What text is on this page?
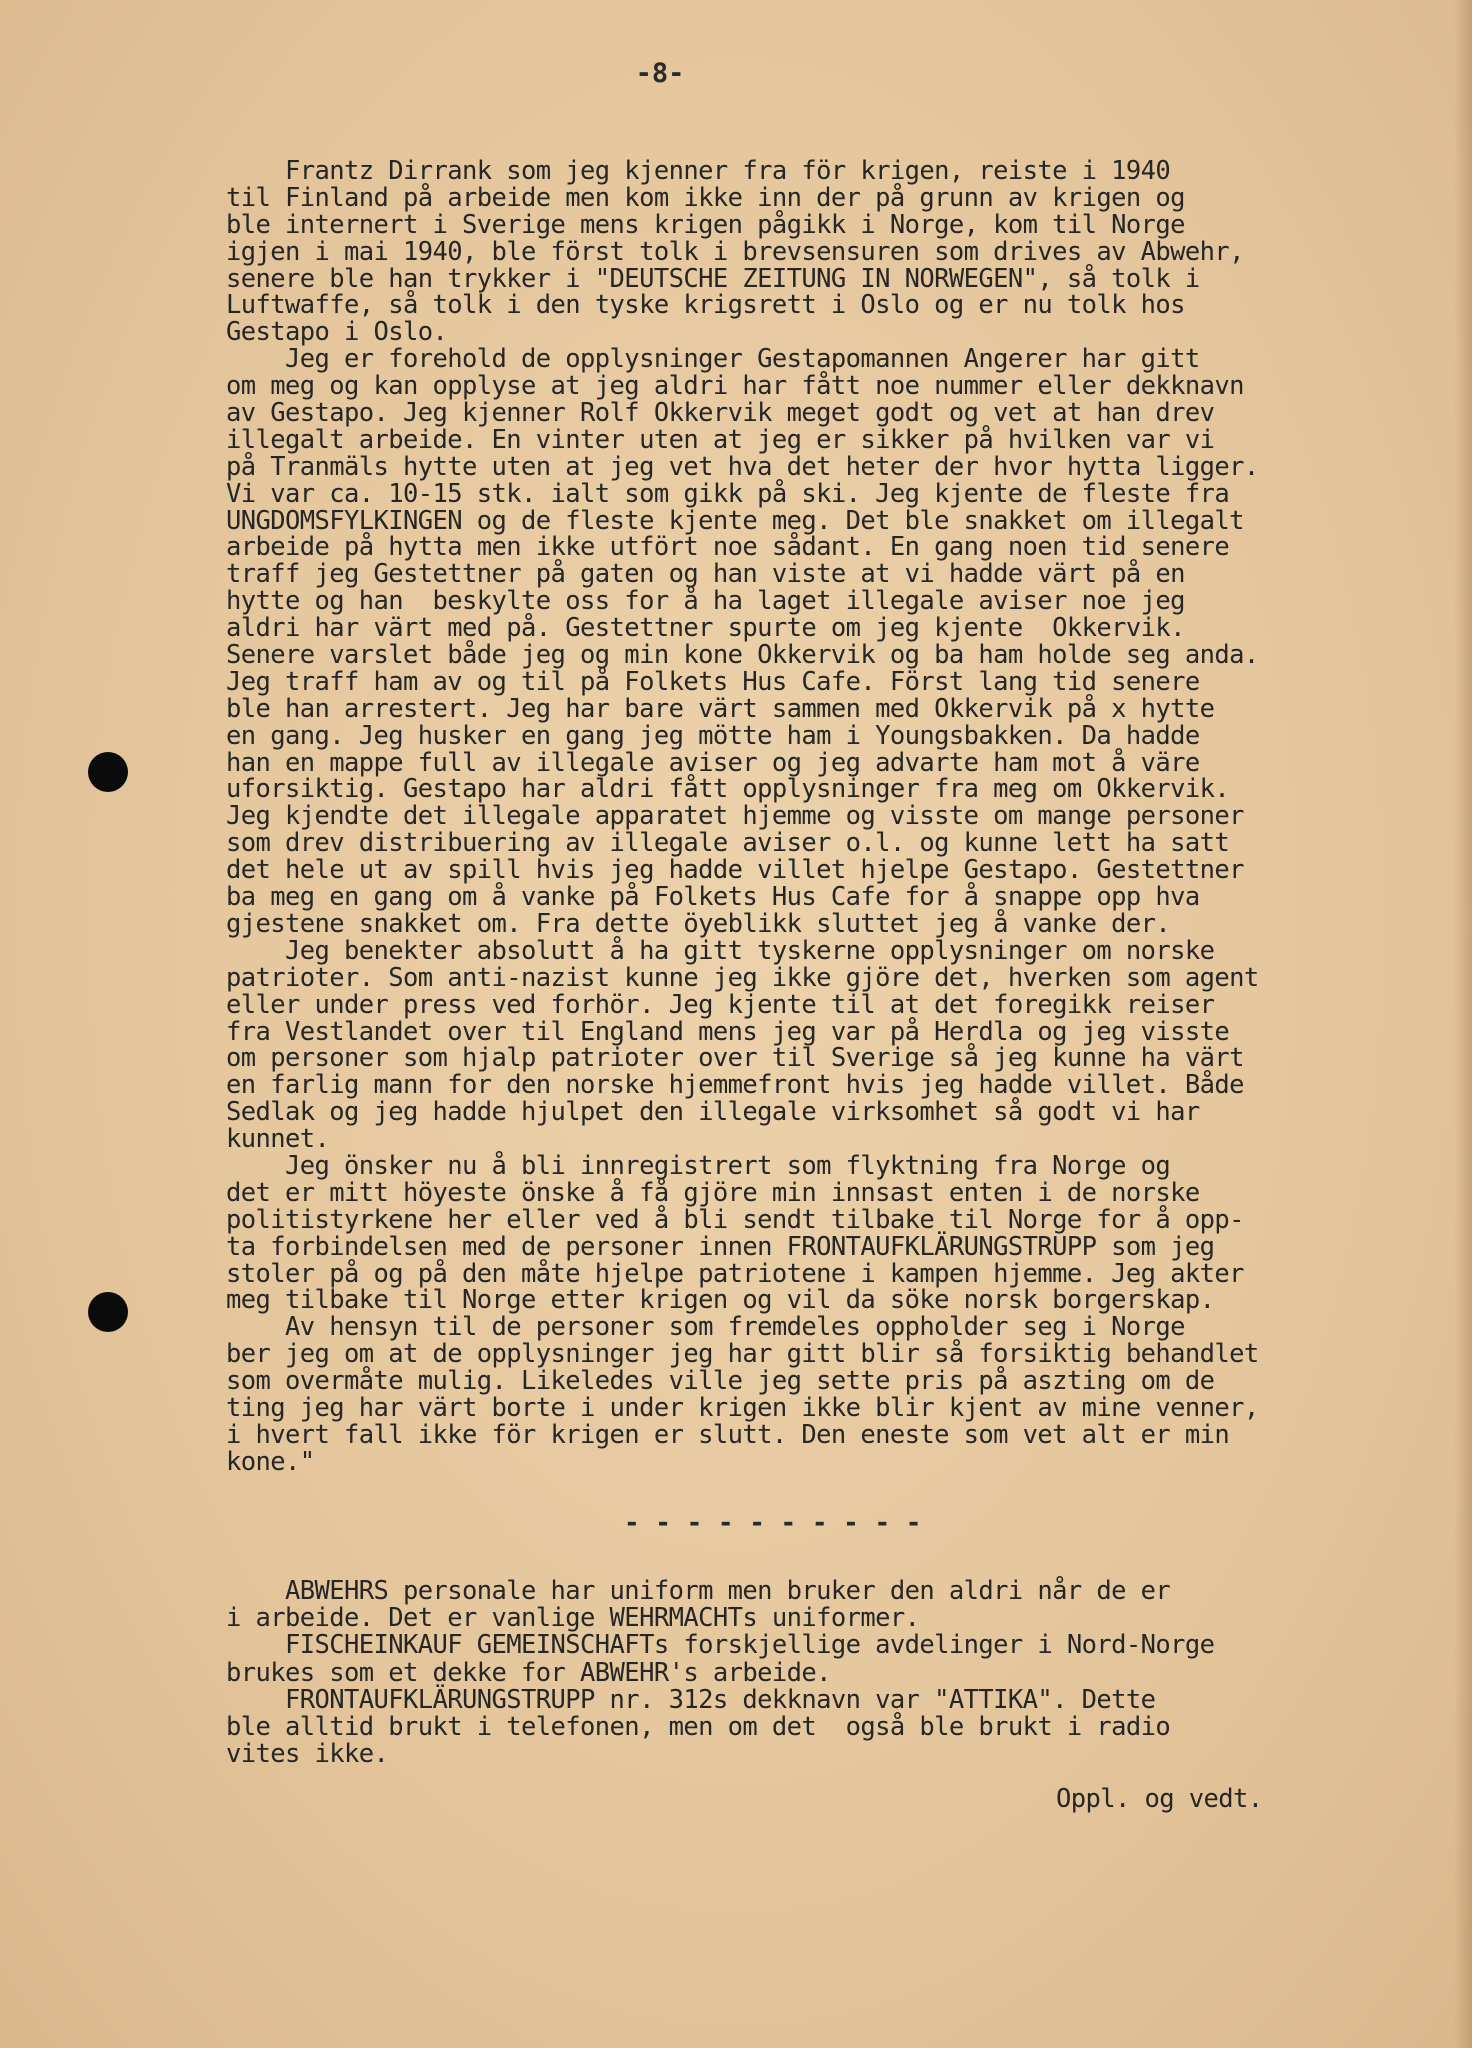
-8-
Frantz Dirrank som jeg kjenner fra för krigen, reiste i 1940
til Finland på arbeide men kom ikke inn der på grunn av krigen og
ble internert i Sverige mens krigen pågikk i Norge, kom til Norge
igjen i mai 1940, ble först tolk i brevsensuren som drives av Abwehr,
senere ble han trykker i "DEUTSCHE ZEITUNG IN NORWEGEN", så tolk i
Luftwaffe, så tolk i den tyske krigsrett i Oslo og er nu tolk hos
Gestapo i Oslo.
Jeg er forehold de opplysninger Gestapomannen Angerer har gitt
om meg og kan opplyse at jeg aldri har fått noe nummer eller dekknavn
av Gestapo. Jeg kjenner Rolf Okkervik meget godt og vet at han drev
illegalt arbeide. En vinter uten at jeg er sikker på hvilken var vi
på Tranmäls hytte uten at jeg vet hva det heter der hvor hytta ligger.
Vi var ca. 10-15 stk. ialt som gikk på ski. Jeg kjente de fleste fra
UNGDOMSFYLKINGEN og de fleste kjente meg. Det ble snakket om illegalt
arbeide på hytta men ikke utfört noe sådant. En gang noen tid senere
traff jeg Gestettner på gaten og han viste at vi hadde värt på en
hytte og han  beskylte oss for å ha laget illegale aviser noe jeg
aldri har värt med på. Gestettner spurte om jeg kjente  Okkervik.
Senere varslet både jeg og min kone Okkervik og ba ham holde seg anda.
Jeg traff ham av og til på Folkets Hus Cafe. Först lang tid senere
ble han arrestert. Jeg har bare värt sammen med Okkervik på x hytte
en gang. Jeg husker en gang jeg mötte ham i Youngsbakken. Da hadde
han en mappe full av illegale aviser og jeg advarte ham mot å väre
uforsiktig. Gestapo har aldri fått opplysninger fra meg om Okkervik.
Jeg kjendte det illegale apparatet hjemme og visste om mange personer
som drev distribuering av illegale aviser o.l. og kunne lett ha satt
det hele ut av spill hvis jeg hadde villet hjelpe Gestapo. Gestettner
ba meg en gang om å vanke på Folkets Hus Cafe for å snappe opp hva
gjestene snakket om. Fra dette öyeblikk sluttet jeg å vanke der.
Jeg benekter absolutt å ha gitt tyskerne opplysninger om norske
patrioter. Som anti-nazist kunne jeg ikke gjöre det, hverken som agent
eller under press ved forhör. Jeg kjente til at det foregikk reiser
fra Vestlandet over til England mens jeg var på Herdla og jeg visste
om personer som hjalp patrioter over til Sverige så jeg kunne ha värt
en farlig mann for den norske hjemmefront hvis jeg hadde villet. Både
Sedlak og jeg hadde hjulpet den illegale virksomhet så godt vi har
kunnet.
Jeg önsker nu å bli innregistrert som flyktning fra Norge og
det er mitt höyeste önske å få gjöre min innsast enten i de norske
politistyrkene her eller ved å bli sendt tilbake til Norge for å opp-
ta forbindelsen med de personer innen FRONTAUFKLÄRUNGSTRUPP som jeg
stoler på og på den måte hjelpe patriotene i kampen hjemme. Jeg akter
meg tilbake til Norge etter krigen og vil da söke norsk borgerskap.
Av hensyn til de personer som fremdeles oppholder seg i Norge
ber jeg om at de opplysninger jeg har gitt blir så forsiktig behandlet
som overmåte mulig. Likeledes ville jeg sette pris på aszting om de
ting jeg har värt borte i under krigen ikke blir kjent av mine venner,
i hvert fall ikke för krigen er slutt. Den eneste som vet alt er min
kone."
- - - - - - - - - -
ABWEHRS personale har uniform men bruker den aldri når de er
i arbeide. Det er vanlige WEHRMACHTs uniformer.
FISCHEINKAUF GEMEINSCHAFTs forskjellige avdelinger i Nord-Norge
brukes som et dekke for ABWEHR's arbeide.
FRONTAUFKLÄRUNGSTRUPP nr. 312s dekknavn var "ATTIKA". Dette
ble alltid brukt i telefonen, men om det  også ble brukt i radio
vites ikke.
Oppl. og vedt.
